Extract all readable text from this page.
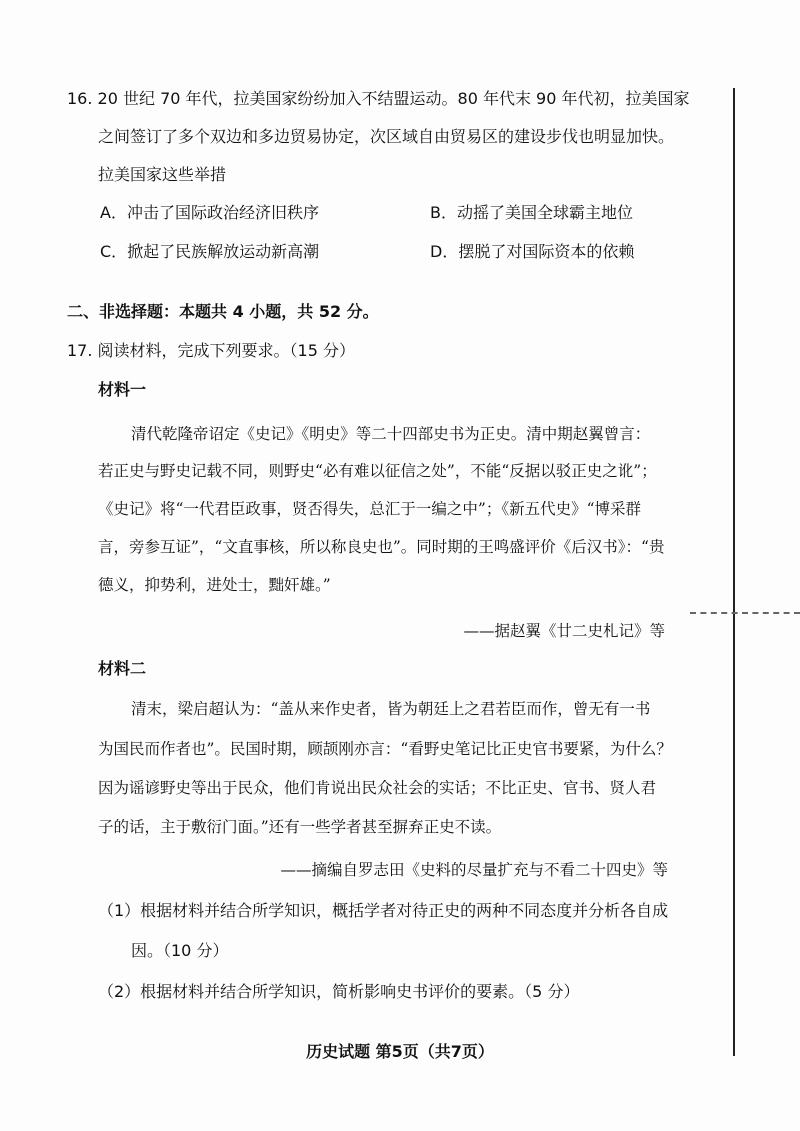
16. 20 世纪 70 年代，拉美国家纷纷加入不结盟运动。80 年代末 90 年代初，拉美国家
之间签订了多个双边和多边贸易协定，次区域自由贸易区的建设步伐也明显加快。
拉美国家这些举措
A．冲击了国际政治经济旧秩序	B．动摇了美国全球霸主地位
C．掀起了民族解放运动新高潮	D．摆脱了对国际资本的依赖
二、非选择题：本题共 4 小题，共 52 分。
17. 阅读材料，完成下列要求。（15 分）
材料一
清代乾隆帝诏定《史记》《明史》等二十四部史书为正史。清中期赵翼曾言：
若正史与野史记载不同，则野史“必有难以征信之处”，不能“反据以驳正史之讹”；
《史记》将“一代君臣政事，贤否得失，总汇于一编之中”；《新五代史》“博采群
言，旁参互证”，“文直事核，所以称良史也”。同时期的王鸣盛评价《后汉书》：“贵
德义，抑势利，进处士，黜奸雄。”
——据赵翼《廿二史札记》等
材料二
清末，梁启超认为：“盖从来作史者，皆为朝廷上之君若臣而作，曾无有一书
为国民而作者也”。民国时期，顾颉刚亦言：“看野史笔记比正史官书要紧，为什么？
因为谣谚野史等出于民众，他们肯说出民众社会的实话；不比正史、官书、贤人君
子的话，主于敷衍门面。”还有一些学者甚至摒弃正史不读。
——摘编自罗志田《史料的尽量扩充与不看二十四史》等
（1）根据材料并结合所学知识，概括学者对待正史的两种不同态度并分析各自成
因。（10 分）
（2）根据材料并结合所学知识，简析影响史书评价的要素。（5 分）
历史试题 第5页（共7页）
